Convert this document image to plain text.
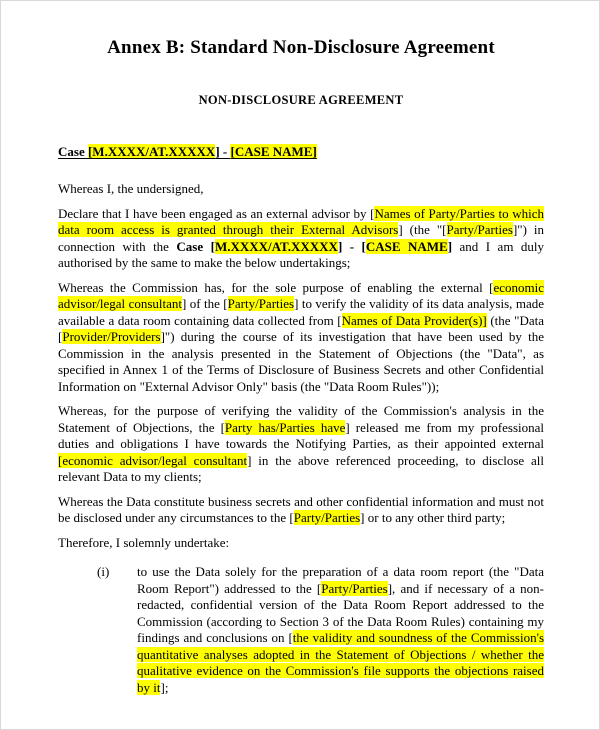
Annex B: Standard Non-Disclosure Agreement
NON-DISCLOSURE AGREEMENT

Case [M.XXXX/AT.XXXXX] - [CASE NAME]

Whereas I, the undersigned,

Declare that I have been engaged as an external advisor by [Names of Party/Parties to which data room access is granted through their External Advisors] (the "[Party/Parties]") in connection with the Case [M.XXXX/AT.XXXXX] - [CASE NAME] and I am duly authorised by the same to make the below undertakings;

Whereas the Commission has, for the sole purpose of enabling the external [economic advisor/legal consultant] of the [Party/Parties] to verify the validity of its data analysis, made available a data room containing data collected from [Names of Data Provider(s)] (the "Data [Provider/Providers]") during the course of its investigation that have been used by the Commission in the analysis presented in the Statement of Objections (the "Data", as specified in Annex 1 of the Terms of Disclosure of Business Secrets and other Confidential Information on "External Advisor Only" basis (the "Data Room Rules"));

Whereas, for the purpose of verifying the validity of the Commission's analysis in the Statement of Objections, the [Party has/Parties have] released me from my professional duties and obligations I have towards the Notifying Parties, as their appointed external [economic advisor/legal consultant] in the above referenced proceeding, to disclose all relevant Data to my clients;

Whereas the Data constitute business secrets and other confidential information and must not be disclosed under any circumstances to the [Party/Parties] or to any other third party;

Therefore, I solemnly undertake:

(i)	to use the Data solely for the preparation of a data room report (the "Data Room Report") addressed to the [Party/Parties], and if necessary of a non-redacted, confidential version of the Data Room Report addressed to the Commission (according to Section 3 of the Data Room Rules) containing my findings and conclusions on [the validity and soundness of the Commission's quantitative analyses adopted in the Statement of Objections / whether the qualitative evidence on the Commission's file supports the objections raised by it];
